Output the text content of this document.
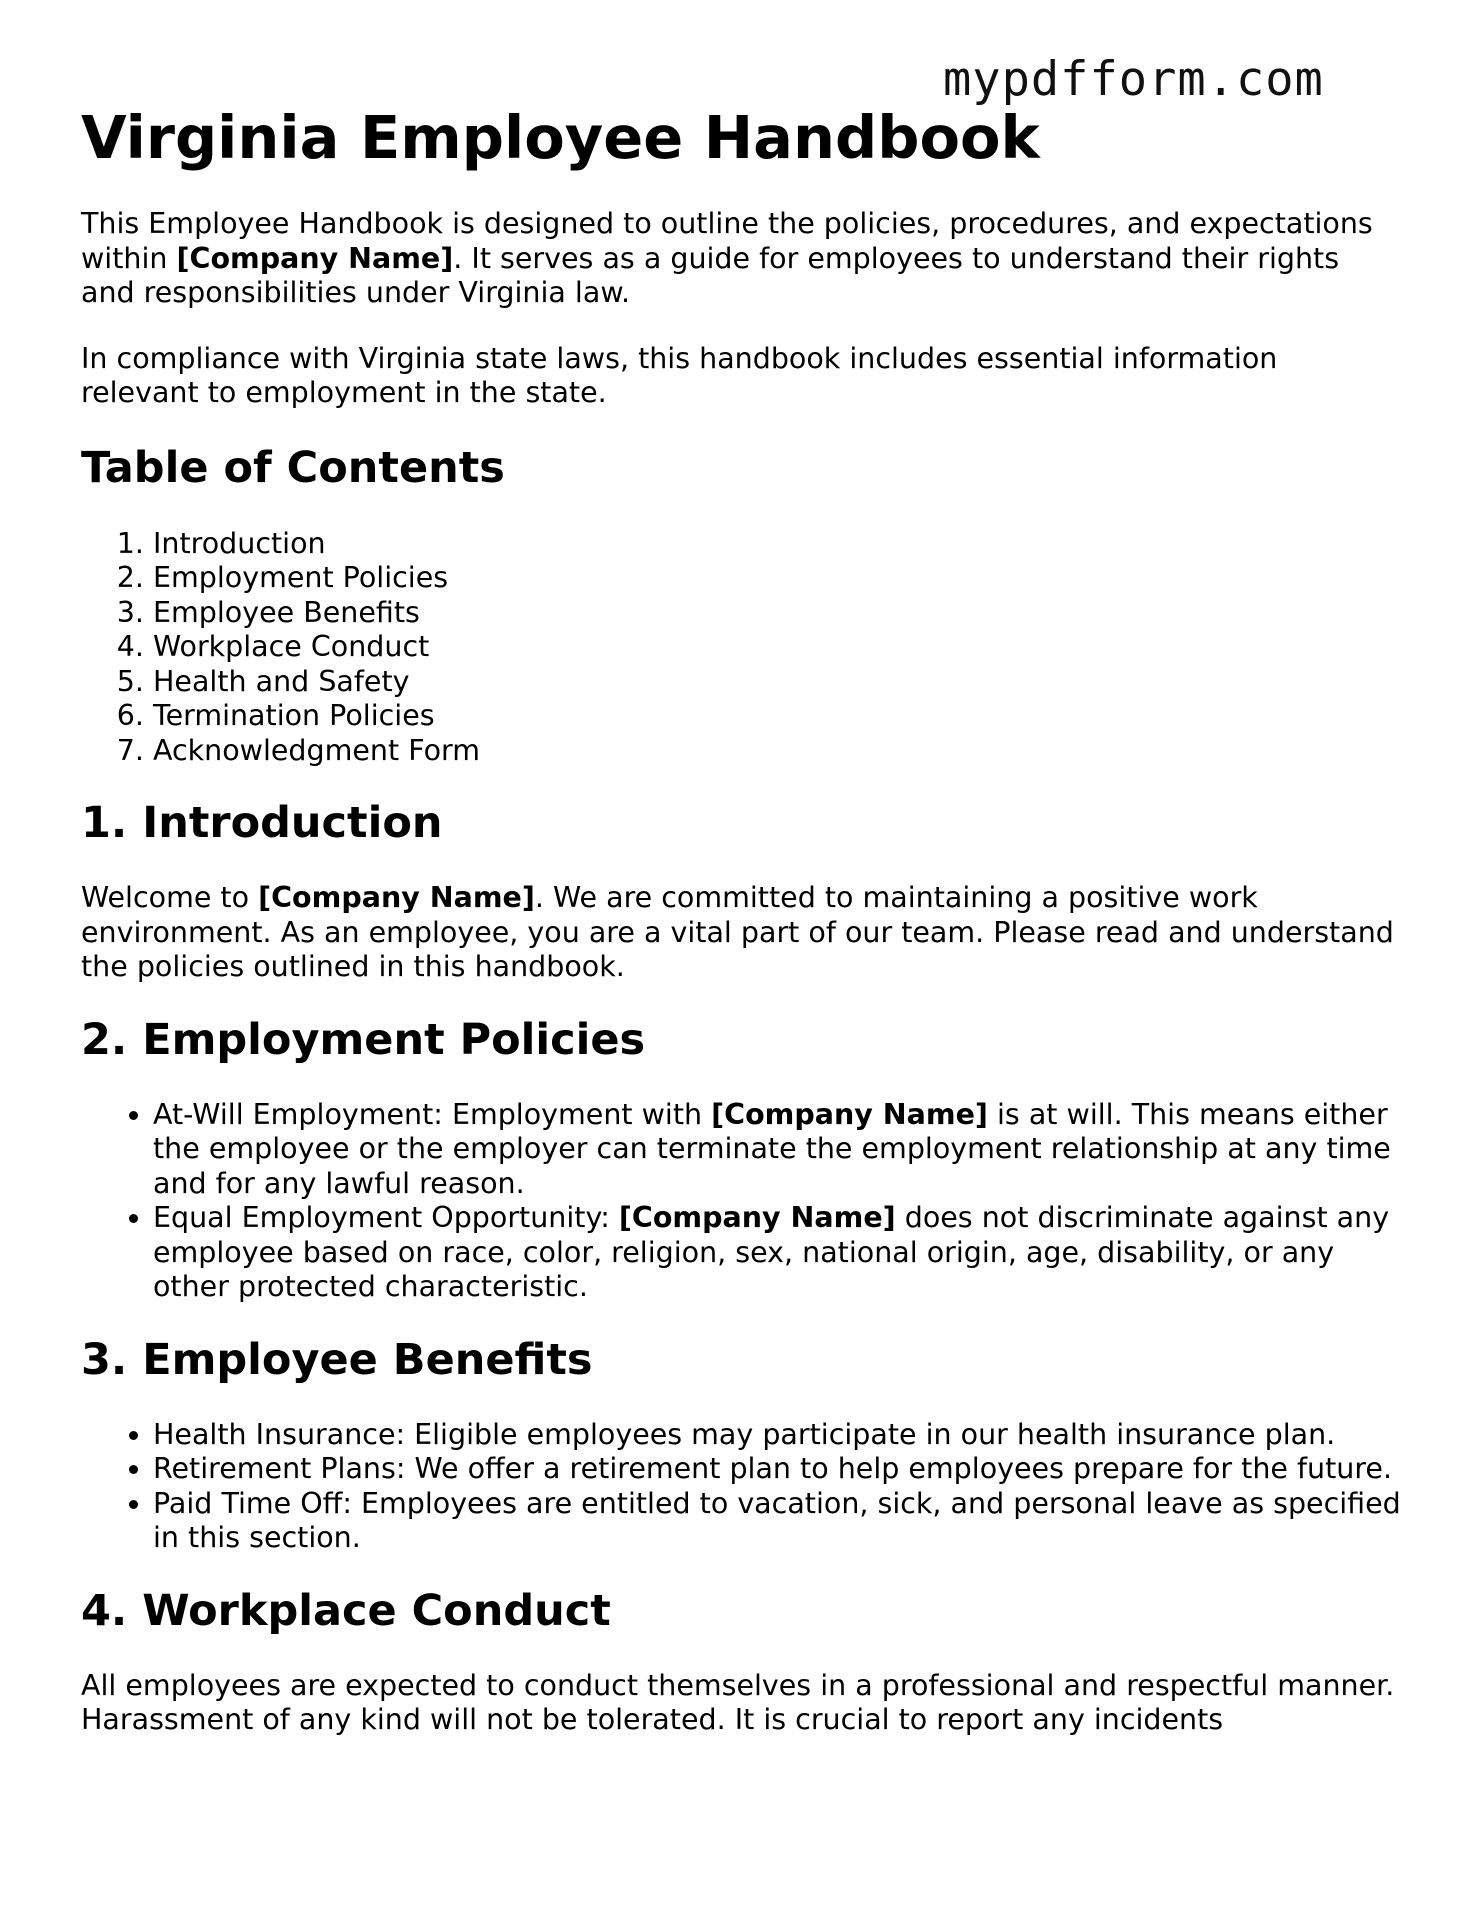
mypdfform.com
Virginia Employee Handbook

This Employee Handbook is designed to outline the policies, procedures, and expectations within [Company Name]. It serves as a guide for employees to understand their rights and responsibilities under Virginia law.

In compliance with Virginia state laws, this handbook includes essential information relevant to employment in the state.

Table of Contents
1. Introduction
2. Employment Policies
3. Employee Benefits
4. Workplace Conduct
5. Health and Safety
6. Termination Policies
7. Acknowledgment Form
1. Introduction

Welcome to [Company Name]. We are committed to maintaining a positive work environment. As an employee, you are a vital part of our team. Please read and understand the policies outlined in this handbook.

2. Employment Policies
• At-Will Employment: Employment with [Company Name] is at will. This means either the employee or the employer can terminate the employment relationship at any time and for any lawful reason.
• Equal Employment Opportunity: [Company Name] does not discriminate against any employee based on race, color, religion, sex, national origin, age, disability, or any other protected characteristic.
3. Employee Benefits
• Health Insurance: Eligible employees may participate in our health insurance plan.
• Retirement Plans: We offer a retirement plan to help employees prepare for the future.
• Paid Time Off: Employees are entitled to vacation, sick, and personal leave as specified in this section.
4. Workplace Conduct

All employees are expected to conduct themselves in a professional and respectful manner. Harassment of any kind will not be tolerated. It is crucial to report any incidents
